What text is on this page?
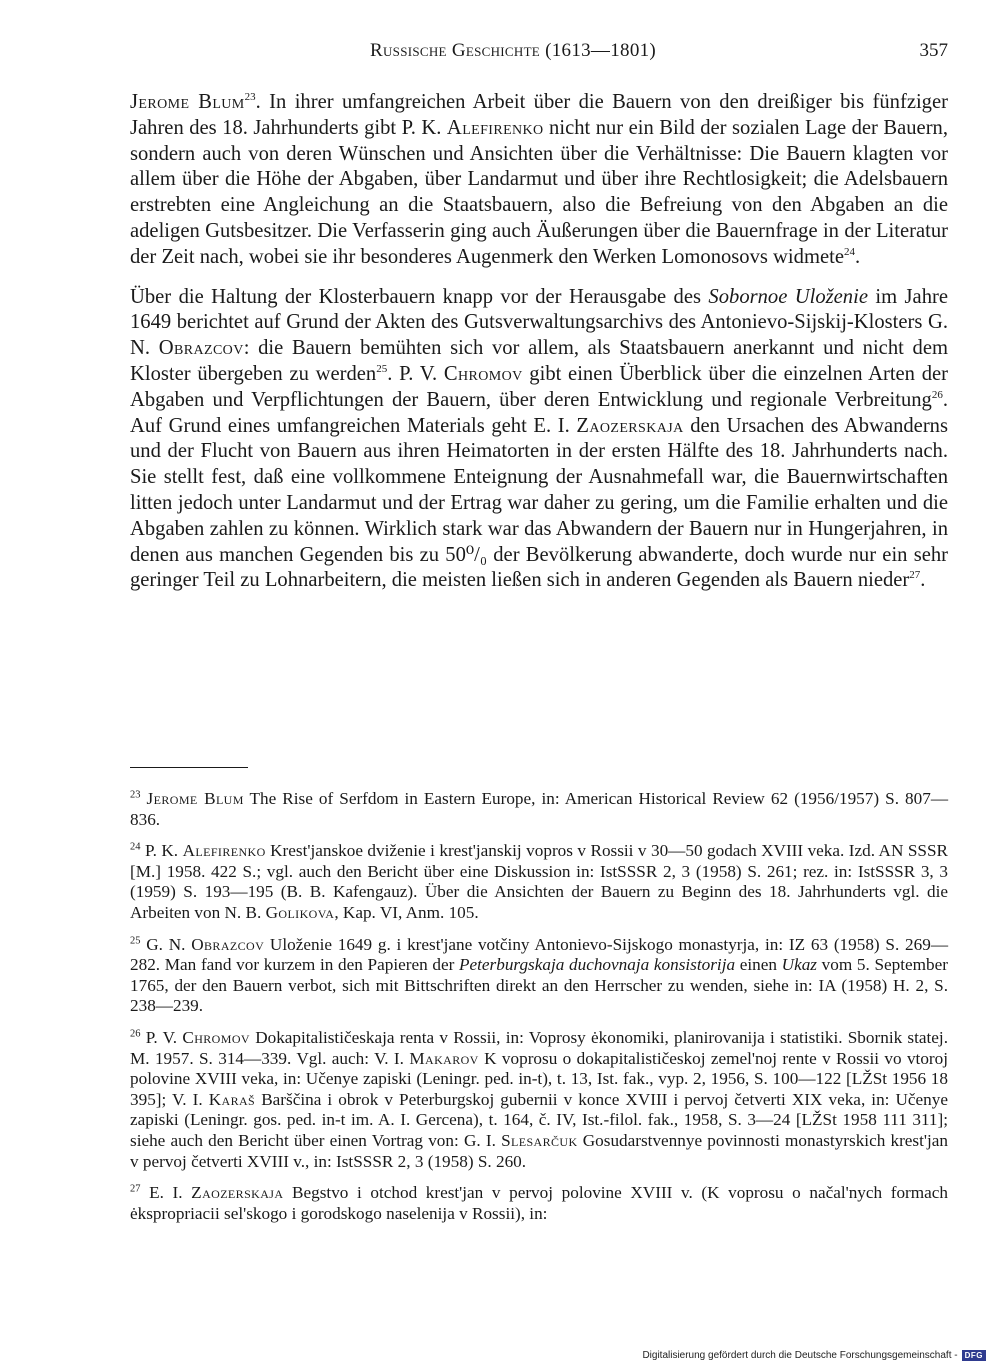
Russische Geschichte (1613—1801)	357

Jerome Blum$^{23}$. In ihrer umfangreichen Arbeit über die Bauern von den dreißiger bis fünfziger Jahren des 18. Jahrhunderts gibt P. K. Alefirenko nicht nur ein Bild der sozialen Lage der Bauern, sondern auch von deren Wünschen und Ansichten über die Verhältnisse: Die Bauern klagten vor allem über die Höhe der Abgaben, über Landarmut und über ihre Rechtlosigkeit; die Adelsbauern erstrebten eine Angleichung an die Staatsbauern, also die Befreiung von den Abgaben an die adeligen Gutsbesitzer. Die Verfasserin ging auch Äußerungen über die Bauernfrage in der Literatur der Zeit nach, wobei sie ihr besonderes Augenmerk den Werken Lomonosovs widmete$^{24}$.

Über die Haltung der Klosterbauern knapp vor der Herausgabe des Sobornoe Uloženie im Jahre 1649 berichtet auf Grund der Akten des Gutsverwaltungsarchivs des Antonievo-Sijskij-Klosters G. N. Obrazcov: die Bauern bemühten sich vor allem, als Staatsbauern anerkannt und nicht dem Kloster übergeben zu werden$^{25}$. P. V. Chromov gibt einen Überblick über die einzelnen Arten der Abgaben und Verpflichtungen der Bauern, über deren Entwicklung und regionale Verbreitung$^{26}$. Auf Grund eines umfangreichen Materials geht E. I. Zaozerskaja den Ursachen des Abwanderns und der Flucht von Bauern aus ihren Heimatorten in der ersten Hälfte des 18. Jahrhunderts nach. Sie stellt fest, daß eine vollkommene Enteignung der Ausnahmefall war, die Bauernwirtschaften litten jedoch unter Landarmut und der Ertrag war daher zu gering, um die Familie erhalten und die Abgaben zahlen zu können. Wirklich stark war das Abwandern der Bauern nur in Hungerjahren, in denen aus manchen Gegenden bis zu 50⁰/₀ der Bevölkerung abwanderte, doch wurde nur ein sehr geringer Teil zu Lohnarbeitern, die meisten ließen sich in anderen Gegenden als Bauern nieder$^{27}$.

$^{23}$ Jerome Blum The Rise of Serfdom in Eastern Europe, in: American Historical Review 62 (1956/1957) S. 807—836.
$^{24}$ P. K. Alefirenko Krest'janskoe dviženie i krest'janskij vopros v Rossii v 30—50 godach XVIII veka. Izd. AN SSSR [M.] 1958. 422 S.; vgl. auch den Bericht über eine Diskussion in: IstSSSR 2, 3 (1958) S. 261; rez. in: IstSSSR 3, 3 (1959) S. 193—195 (B. B. Kafengauz). Über die Ansichten der Bauern zu Beginn des 18. Jahrhunderts vgl. die Arbeiten von N. B. Golikova, Kap. VI, Anm. 105.
$^{25}$ G. N. Obrazcov Uloženie 1649 g. i krest'jane votčiny Antonievo-Sijskogo monastyrja, in: IZ 63 (1958) S. 269—282. Man fand vor kurzem in den Papieren der Peterburgskaja duchovnaja konsistorija einen Ukaz vom 5. September 1765, der den Bauern verbot, sich mit Bittschriften direkt an den Herrscher zu wenden, siehe in: IA (1958) H. 2, S. 238—239.
$^{26}$ P. V. Chromov Dokapitalističeskaja renta v Rossii, in: Voprosy ėkonomiki, planirovanija i statistiki. Sbornik statej. M. 1957. S. 314—339. Vgl. auch: V. I. Makarov K voprosu o dokapitalističeskoj zemel'noj rente v Rossii vo vtoroj polovine XVIII veka, in: Učenye zapiski (Leningr. ped. in-t), t. 13, Ist. fak., vyp. 2, 1956, S. 100—122 [LŽSt 1956 18 395]; V. I. Karaš Barščina i obrok v Peterburgskoj gubernii v konce XVIII i pervoj četverti XIX veka, in: Učenye zapiski (Leningr. gos. ped. in-t im. A. I. Gercena), t. 164, č. IV, Ist.-filol. fak., 1958, S. 3—24 [LŽSt 1958 111 311]; siehe auch den Bericht über einen Vortrag von: G. I. Slesarčuk Gosudarstvennye povinnosti monastyrskich krest'jan v pervoj četverti XVIII v., in: IstSSSR 2, 3 (1958) S. 260.
$^{27}$ E. I. Zaozerskaja Begstvo i otchod krest'jan v pervoj polovine XVIII v. (K voprosu o načal'nych formach ėkspropriacii sel'skogo i gorodskogo naselenija v Rossii), in:
Digitalisierung gefördert durch die Deutsche Forschungsgemeinschaft - DFG
